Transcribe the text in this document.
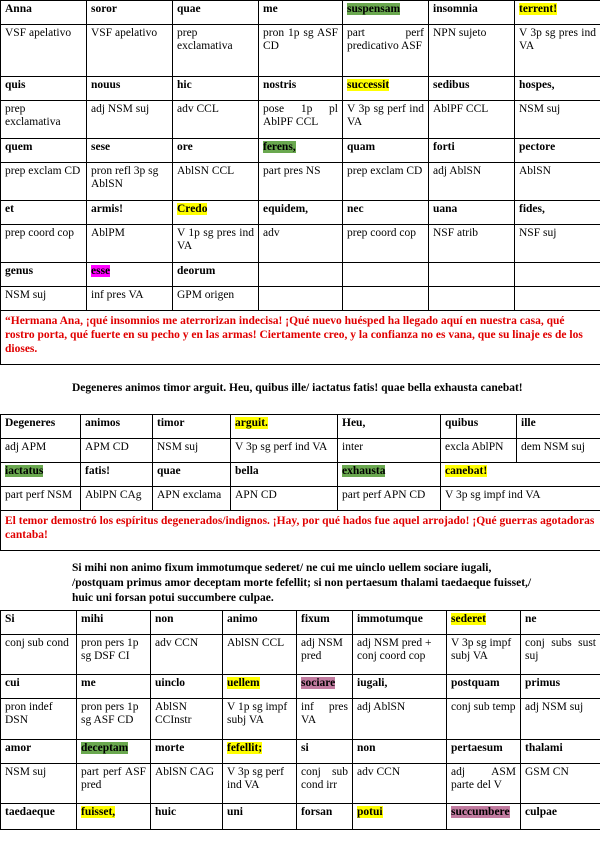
Anna	soror	quae	me	suspensam	insomnia	terrent!
VSF apelativo	VSF apelativo	prep exclamativa	pron 1p sg ASF CD	part perf predicativo ASF	NPN sujeto	V 3p sg pres ind VA
quis	nouus	hic	nostris	successit	sedibus	hospes,
prep exclamativa	adj NSM suj	adv CCL	pose 1p pl AblPF CCL	V 3p sg perf ind VA	AblPF CCL	NSM suj
quem	sese	ore	ferens,	quam	forti	pectore
prep exclam CD	pron refl 3p sg AblSN	AblSN CCL	part pres NS	prep exclam CD	adj AblSN	AblSN
et	armis!	Credo	equidem,	nec	uana	fides,
prep coord cop	AblPM	V 1p sg pres ind VA	adv	prep coord cop	NSF atrib	NSF suj
genus	esse	deorum				
NSM suj	inf pres VA	GPM origen				
“Hermana Ana, ¡qué insomnios me aterrorizan indecisa! ¡Qué nuevo huésped ha llegado aquí en nuestra casa, qué rostro porta, qué fuerte en su pecho y en las armas! Ciertamente creo, y la confianza no es vana, que su linaje es de los dioses.						
Degeneres animos timor arguit. Heu, quibus ille/ iactatus fatis! quae bella exhausta canebat!
Degeneres	animos	timor	arguit.	Heu,	quibus	ille
adj APM	APM CD	NSM suj	V 3p sg perf ind VA	inter	excla AblPN	dem NSM suj
iactatus	fatis!	quae	bella	exhausta	canebat!	
part perf NSM	AblPN CAg	APN exclama	APN CD	part perf APN CD	V 3p sg impf ind VA	
El temor demostró los espíritus degenerados/indignos. ¡Hay, por qué hados fue aquel arrojado! ¡Qué guerras agotadoras cantaba!						
Si mihi non animo fixum immotumque sederet/ ne cui me uinclo uellem sociare iugali, /postquam primus amor deceptam morte fefellit; si non pertaesum thalami taedaeque fuisset,/ huic uni forsan potui succumbere culpae.
Si	mihi	non	animo	fixum	immotumque	sederet	ne
conj sub cond	pron pers 1p sg DSF CI	adv CCN	AblSN CCL	adj NSM pred	adj NSM pred + conj coord cop	V 3p sg impf subj VA	conj subs sust suj
cui	me	uinclo	uellem	sociare	iugali,	postquam	primus
pron indef DSN	pron pers 1p sg ASF CD	AblSN CCInstr	V 1p sg impf subj VA	inf pres VA	adj AblSN	conj sub temp	adj NSM suj
amor	deceptam	morte	fefellit;	si	non	pertaesum	thalami
NSM suj	part perf ASF pred	AblSN CAG	V 3p sg perf ind VA	conj sub cond irr	adv CCN	adj ASM parte del V	GSM CN
taedaeque	fuisset,	huic	uni	forsan	potui	succumbere	culpae
